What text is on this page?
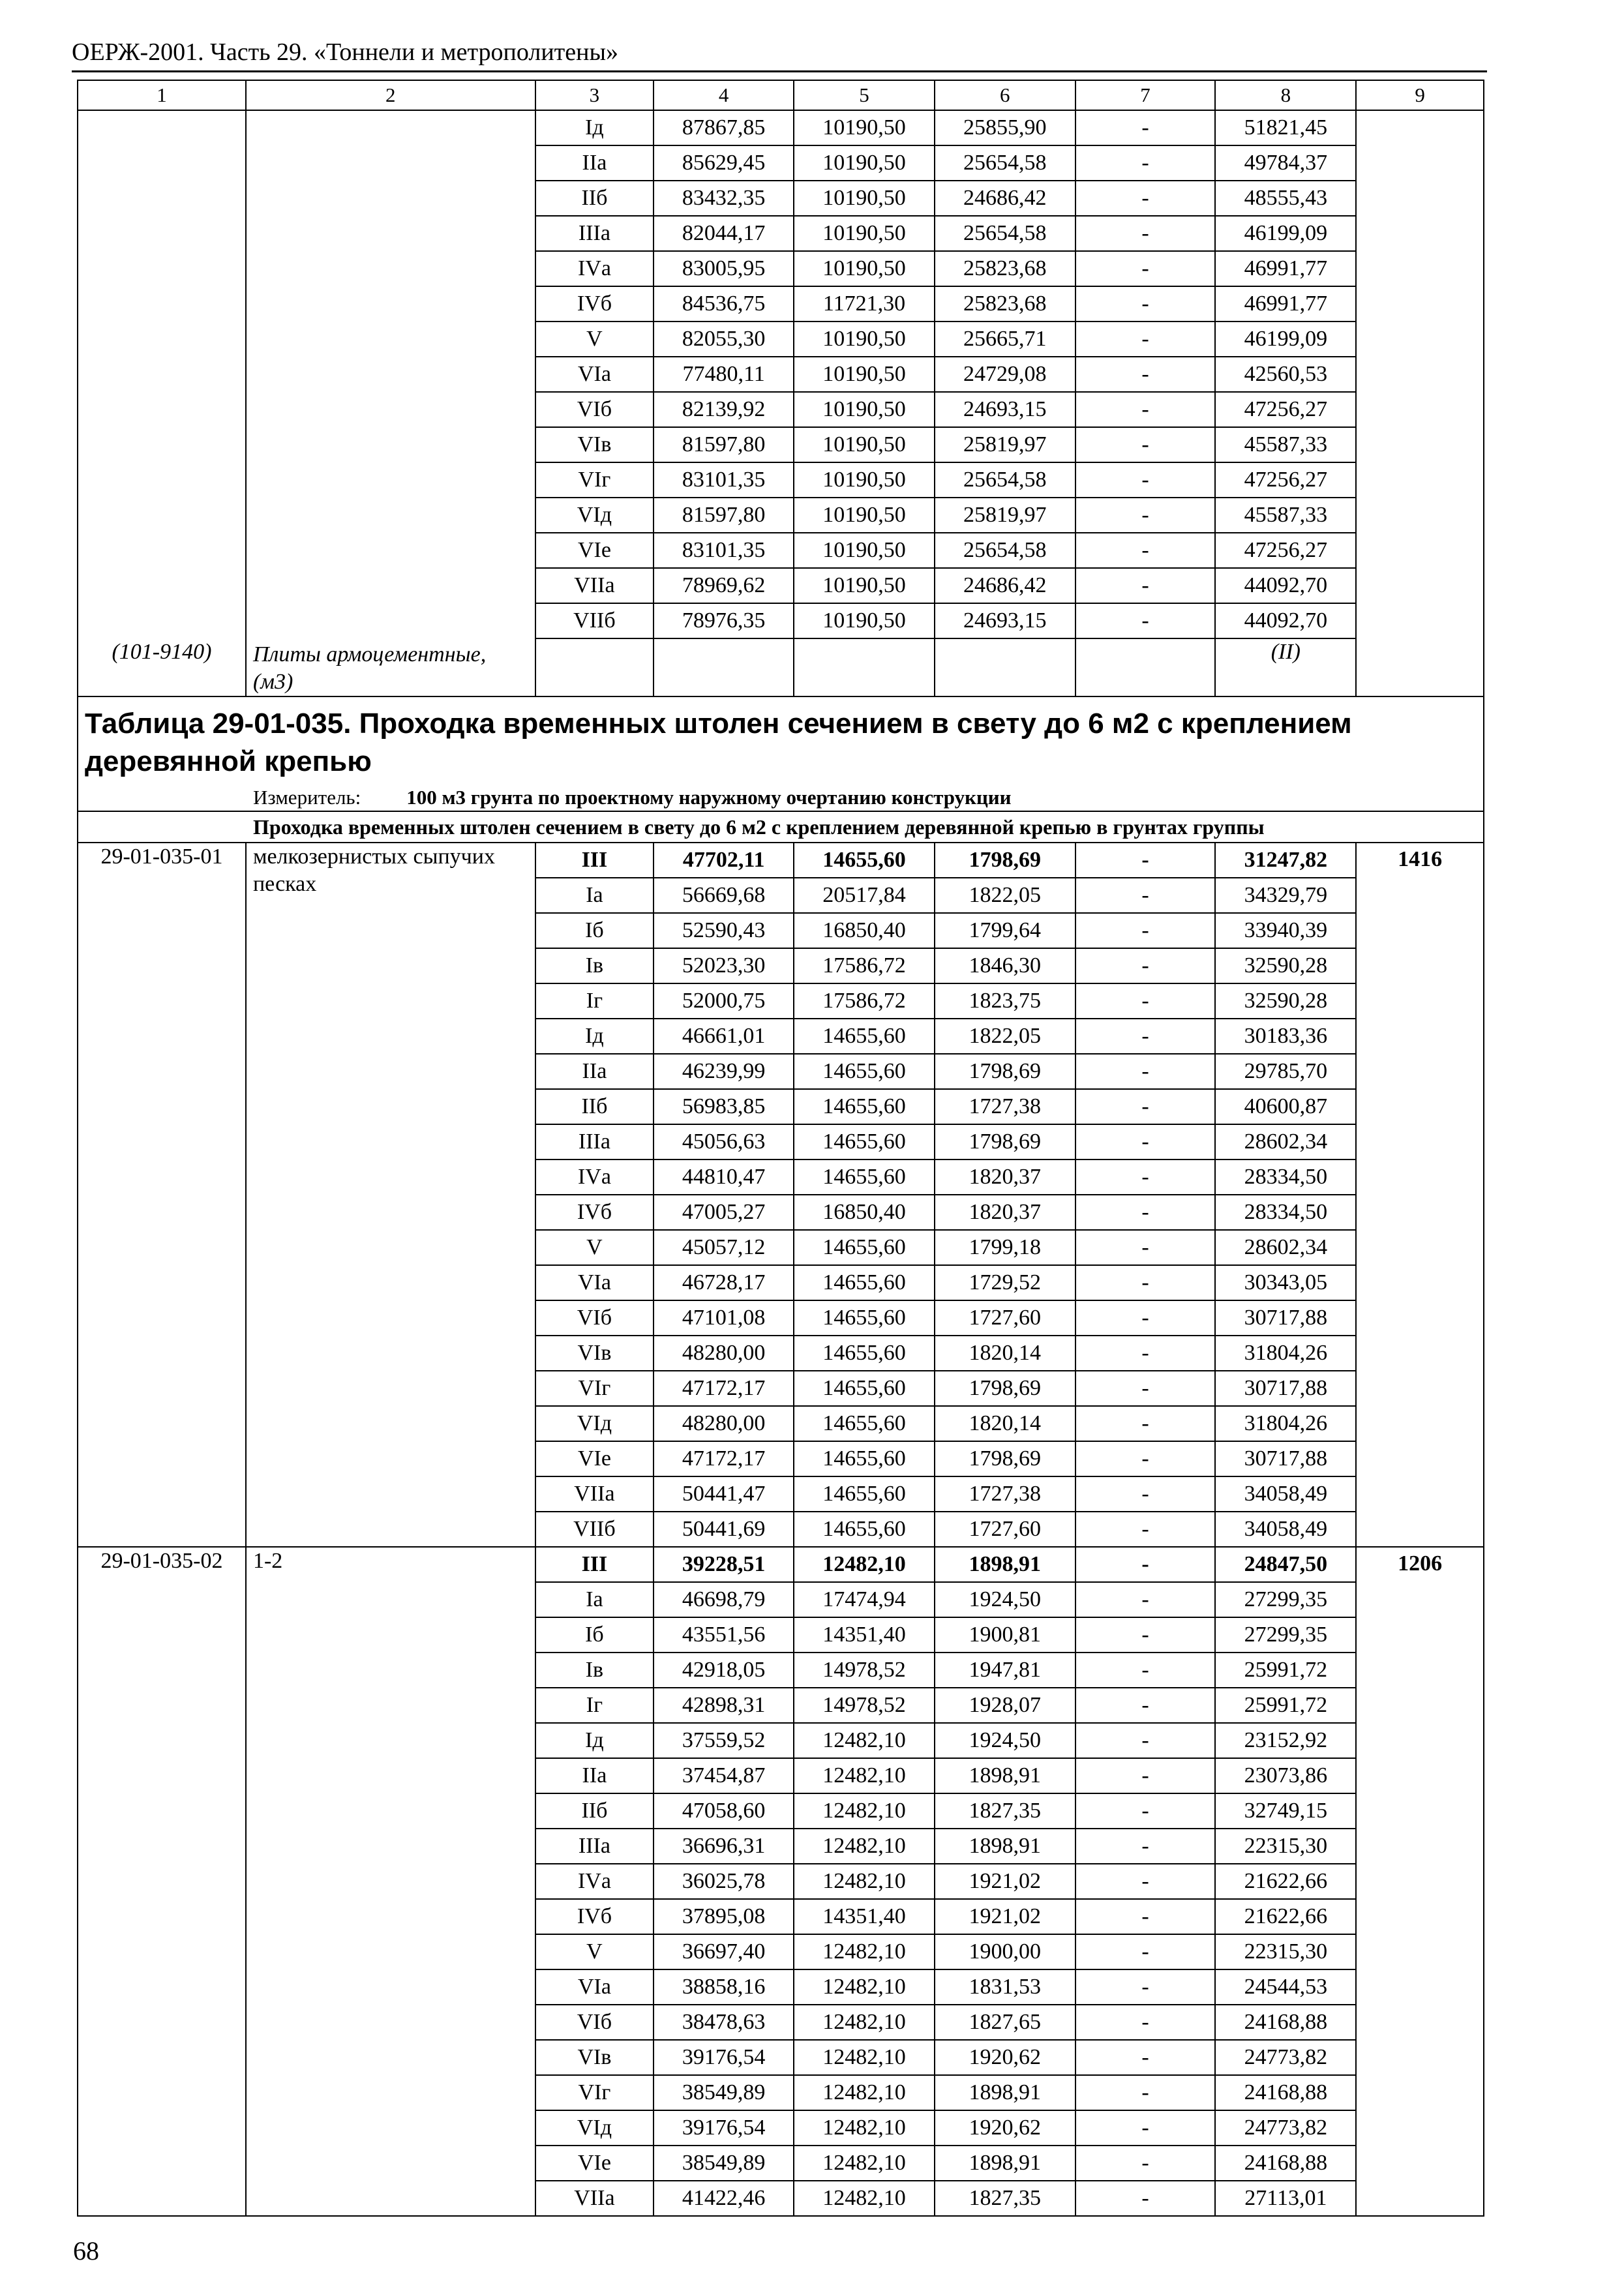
ОЕРЖ-2001. Часть 29. «Тоннели и метрополитены»
1	2	3	4	5	6	7	8	9
		Iд	87867,85	10190,50	25855,90	-	51821,45	
		IIа	85629,45	10190,50	25654,58	-	49784,37	
		IIб	83432,35	10190,50	24686,42	-	48555,43	
		IIIа	82044,17	10190,50	25654,58	-	46199,09	
		IVа	83005,95	10190,50	25823,68	-	46991,77	
		IVб	84536,75	11721,30	25823,68	-	46991,77	
		V	82055,30	10190,50	25665,71	-	46199,09	
		VIа	77480,11	10190,50	24729,08	-	42560,53	
		VIб	82139,92	10190,50	24693,15	-	47256,27	
		VIв	81597,80	10190,50	25819,97	-	45587,33	
		VIг	83101,35	10190,50	25654,58	-	47256,27	
		VIд	81597,80	10190,50	25819,97	-	45587,33	
		VIе	83101,35	10190,50	25654,58	-	47256,27	
		VIIа	78969,62	10190,50	24686,42	-	44092,70	
		VIIб	78976,35	10190,50	24693,15	-	44092,70	
(101-9140)	Плиты армоцементные, (м3)						(II)	
Таблица 29-01-035. Проходка временных штолен сечением в свету до 6 м2 с креплением деревянной крепью								
Измеритель: 100 м3 грунта по проектному наружному очертанию конструкции								
Проходка временных штолен сечением в свету до 6 м2 с креплением деревянной крепью в грунтах группы								
29-01-035-01	мелкозернистых сыпучих песках	III	47702,11	14655,60	1798,69	-	31247,82	1416
		Iа	56669,68	20517,84	1822,05	-	34329,79	
		Iб	52590,43	16850,40	1799,64	-	33940,39	
		Iв	52023,30	17586,72	1846,30	-	32590,28	
		Iг	52000,75	17586,72	1823,75	-	32590,28	
		Iд	46661,01	14655,60	1822,05	-	30183,36	
		IIа	46239,99	14655,60	1798,69	-	29785,70	
		IIб	56983,85	14655,60	1727,38	-	40600,87	
		IIIа	45056,63	14655,60	1798,69	-	28602,34	
		IVа	44810,47	14655,60	1820,37	-	28334,50	
		IVб	47005,27	16850,40	1820,37	-	28334,50	
		V	45057,12	14655,60	1799,18	-	28602,34	
		VIа	46728,17	14655,60	1729,52	-	30343,05	
		VIб	47101,08	14655,60	1727,60	-	30717,88	
		VIв	48280,00	14655,60	1820,14	-	31804,26	
		VIг	47172,17	14655,60	1798,69	-	30717,88	
		VIд	48280,00	14655,60	1820,14	-	31804,26	
		VIе	47172,17	14655,60	1798,69	-	30717,88	
		VIIа	50441,47	14655,60	1727,38	-	34058,49	
		VIIб	50441,69	14655,60	1727,60	-	34058,49	
29-01-035-02	1-2	III	39228,51	12482,10	1898,91	-	24847,50	1206
		Iа	46698,79	17474,94	1924,50	-	27299,35	
		Iб	43551,56	14351,40	1900,81	-	27299,35	
		Iв	42918,05	14978,52	1947,81	-	25991,72	
		Iг	42898,31	14978,52	1928,07	-	25991,72	
		Iд	37559,52	12482,10	1924,50	-	23152,92	
		IIа	37454,87	12482,10	1898,91	-	23073,86	
		IIб	47058,60	12482,10	1827,35	-	32749,15	
		IIIа	36696,31	12482,10	1898,91	-	22315,30	
		IVа	36025,78	12482,10	1921,02	-	21622,66	
		IVб	37895,08	14351,40	1921,02	-	21622,66	
		V	36697,40	12482,10	1900,00	-	22315,30	
		VIа	38858,16	12482,10	1831,53	-	24544,53	
		VIб	38478,63	12482,10	1827,65	-	24168,88	
		VIв	39176,54	12482,10	1920,62	-	24773,82	
		VIг	38549,89	12482,10	1898,91	-	24168,88	
		VIд	39176,54	12482,10	1920,62	-	24773,82	
		VIе	38549,89	12482,10	1898,91	-	24168,88	
		VIIа	41422,46	12482,10	1827,35	-	27113,01	
68
